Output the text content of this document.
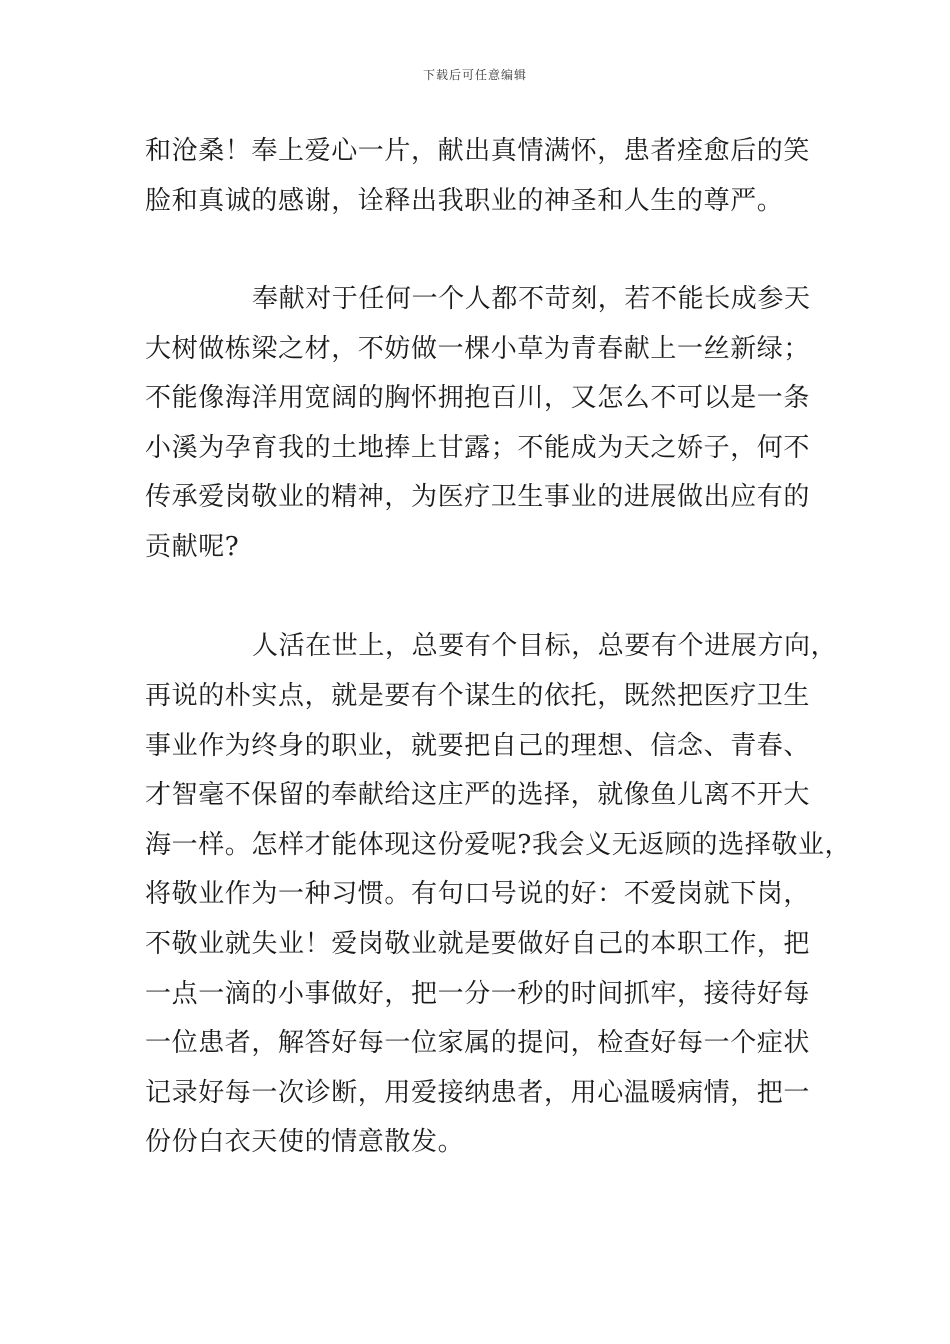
下载后可任意编辑
和沧桑！奉上爱心一片，献出真情满怀，患者痊愈后的笑
脸和真诚的感谢，诠释出我职业的神圣和人生的尊严。
奉献对于任何一个人都不苛刻，若不能长成参天
大树做栋梁之材，不妨做一棵小草为青春献上一丝新绿；
不能像海洋用宽阔的胸怀拥抱百川，又怎么不可以是一条
小溪为孕育我的土地捧上甘露；不能成为天之娇子，何不
传承爱岗敬业的精神，为医疗卫生事业的进展做出应有的
贡献呢?
人活在世上，总要有个目标，总要有个进展方向，
再说的朴实点，就是要有个谋生的依托，既然把医疗卫生
事业作为终身的职业，就要把自己的理想、信念、青春、
才智毫不保留的奉献给这庄严的选择，就像鱼儿离不开大
海一样。怎样才能体现这份爱呢?我会义无返顾的选择敬业，
将敬业作为一种习惯。有句口号说的好：不爱岗就下岗，
不敬业就失业！爱岗敬业就是要做好自己的本职工作，把
一点一滴的小事做好，把一分一秒的时间抓牢，接待好每
一位患者，解答好每一位家属的提问，检查好每一个症状
记录好每一次诊断，用爱接纳患者，用心温暖病情，把一
份份白衣天使的情意散发。
